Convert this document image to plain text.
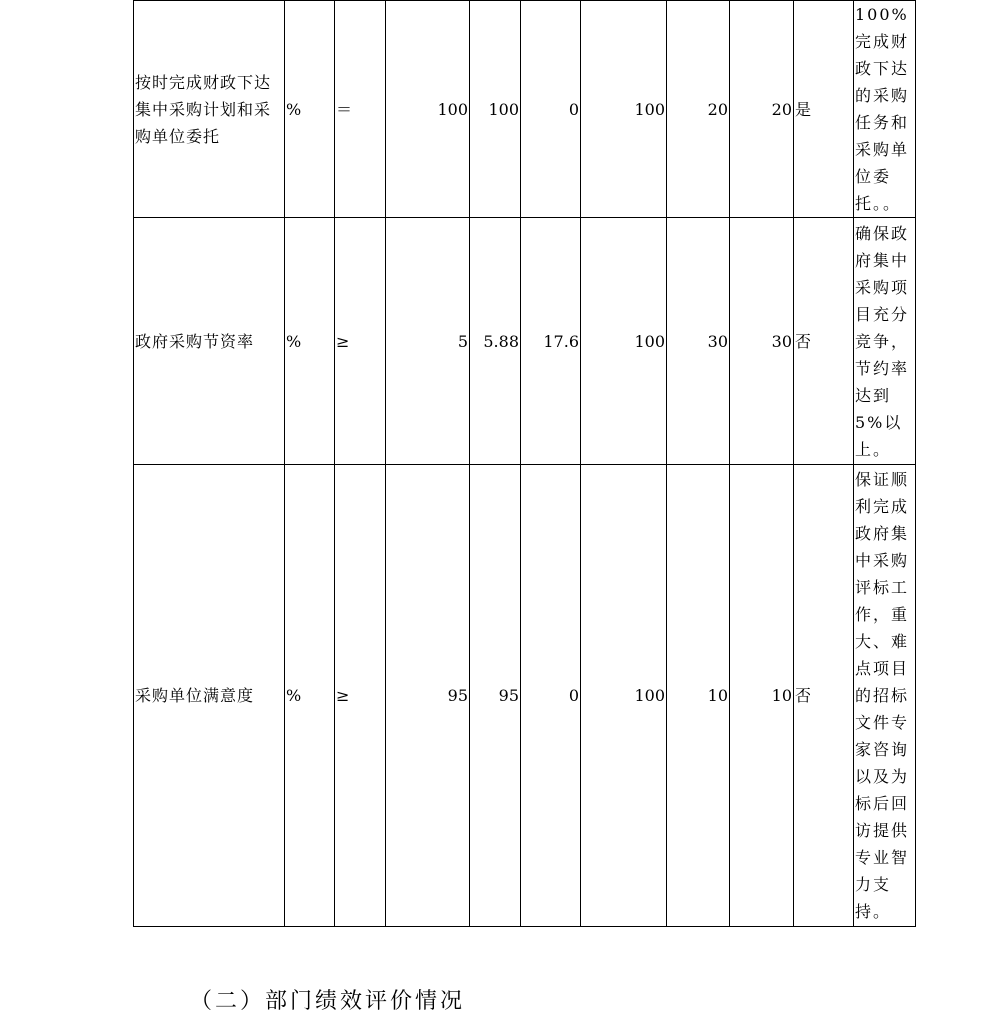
按时完成财政下达集中采购计划和采购单位委托	%	＝	100	100	0	100	20	20	是	100%完成财政下达的采购任务和采购单位委托。。

政府采购节资率	%	≥	5	5.88	17.6	100	30	30	否	确保政府集中采购项目充分竞争，节约率达到5%以上。

采购单位满意度	%	≥	95	95	0	100	10	10	否	保证顺利完成政府集中采购评标工作，重大、难点项目的招标文件专家咨询以及为标后回访提供专业智力支持。
（二）部门绩效评价情况
